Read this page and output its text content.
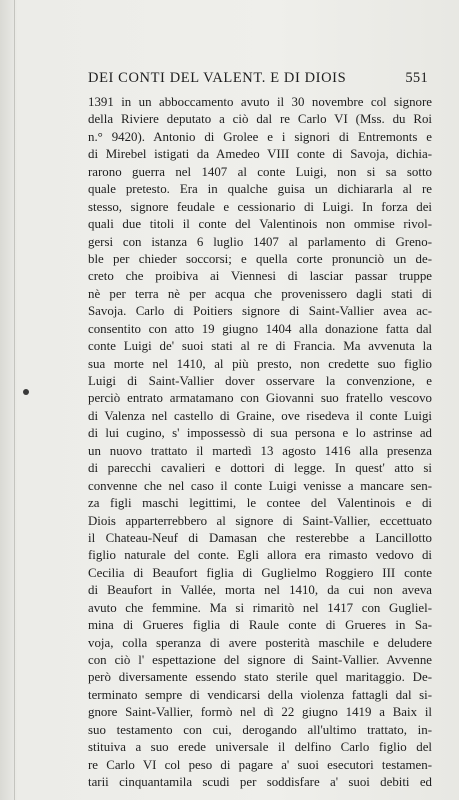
DEI CONTI DEL VALENT. E DI DIOIS	551
1391 in un abboccamento avuto il 30 novembre col signore
della Riviere deputato a ciò dal re Carlo VI (Mss. du Roi
n.° 9420). Antonio di Grolee e i signori di Entremonts e
di Mirebel istigati da Amedeo VIII conte di Savoja, dichia-
rarono guerra nel 1407 al conte Luigi, non si sa sotto
quale pretesto. Era in qualche guisa un dichiararla al re
stesso, signore feudale e cessionario di Luigi. In forza dei
quali due titoli il conte del Valentinois non ommise rivol-
gersi con istanza 6 luglio 1407 al parlamento di Greno-
ble per chieder soccorsi; e quella corte pronunciò un de-
creto che proibiva ai Viennesi di lasciar passar truppe
nè per terra nè per acqua che provenissero dagli stati di
Savoja. Carlo di Poitiers signore di Saint-Vallier avea ac-
consentito con atto 19 giugno 1404 alla donazione fatta dal
conte Luigi de' suoi stati al re di Francia. Ma avvenuta la
sua morte nel 1410, al più presto, non credette suo figlio
Luigi di Saint-Vallier dover osservare la convenzione, e
perciò entrato armatamano con Giovanni suo fratello vescovo
di Valenza nel castello di Graine, ove risedeva il conte Luigi
di lui cugino, s' impossessò di sua persona e lo astrinse ad
un nuovo trattato il martedì 13 agosto 1416 alla presenza
di parecchi cavalieri e dottori di legge. In quest' atto si
convenne che nel caso il conte Luigi venisse a mancare sen-
za figli maschi legittimi, le contee del Valentinois e di
Diois apparterrebbero al signore di Saint-Vallier, eccettuato
il Chateau-Neuf di Damasan che resterebbe a Lancillotto
figlio naturale del conte. Egli allora era rimasto vedovo di
Cecilia di Beaufort figlia di Guglielmo Roggiero III conte
di Beaufort in Vallée, morta nel 1410, da cui non aveva
avuto che femmine. Ma si rimaritò nel 1417 con Gugliel-
mina di Grueres figlia di Raule conte di Grueres in Sa-
voja, colla speranza di avere posterità maschile e deludere
con ciò l' espettazione del signore di Saint-Vallier. Avvenne
però diversamente essendo stato sterile quel maritaggio. De-
terminato sempre di vendicarsi della violenza fattagli dal si-
gnore Saint-Vallier, formò nel dì 22 giugno 1419 a Baix il
suo testamento con cui, derogando all'ultimo trattato, in-
stituiva a suo erede universale il delfino Carlo figlio del
re Carlo VI col peso di pagare a' suoi esecutori testamen-
tarii cinquantamila scudi per soddisfare a' suoi debiti ed
